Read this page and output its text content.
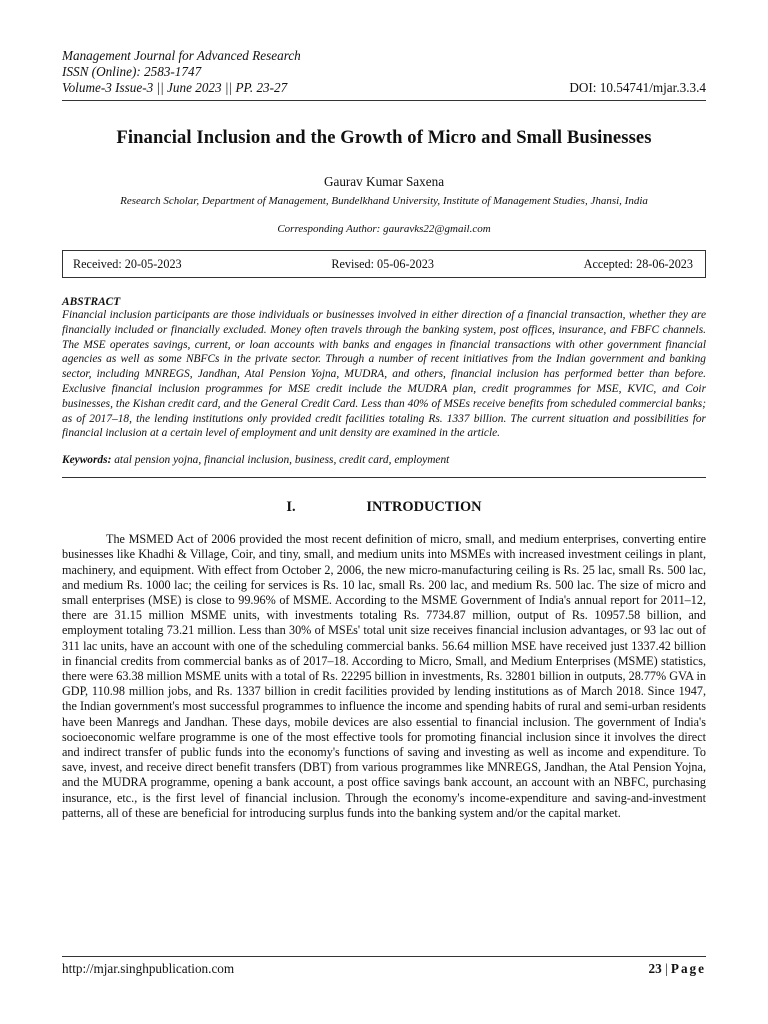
Management Journal for Advanced Research
ISSN (Online): 2583-1747
Volume-3 Issue-3 || June 2023 || PP. 23-27	DOI: 10.54741/mjar.3.3.4
Financial Inclusion and the Growth of Micro and Small Businesses
Gaurav Kumar Saxena
Research Scholar, Department of Management, Bundelkhand University, Institute of Management Studies, Jhansi, India
Corresponding Author: gauravks22@gmail.com
Received: 20-05-2023	Revised: 05-06-2023	Accepted: 28-06-2023
ABSTRACT

Financial inclusion participants are those individuals or businesses involved in either direction of a financial transaction, whether they are financially included or financially excluded. Money often travels through the banking system, post offices, insurance, and FBFC channels. The MSE operates savings, current, or loan accounts with banks and engages in financial transactions with other government financial agencies as well as some NBFCs in the private sector. Through a number of recent initiatives from the Indian government and banking sector, including MNREGS, Jandhan, Atal Pension Yojna, MUDRA, and others, financial inclusion has performed better than before. Exclusive financial inclusion programmes for MSE credit include the MUDRA plan, credit programmes for MSE, KVIC, and Coir businesses, the Kishan credit card, and the General Credit Card. Less than 40% of MSEs receive benefits from scheduled commercial banks; as of 2017–18, the lending institutions only provided credit facilities totaling Rs. 1337 billion. The current situation and possibilities for financial inclusion at a certain level of employment and unit density are examined in the article.

Keywords: atal pension yojna, financial inclusion, business, credit card, employment
I.	INTRODUCTION
The MSMED Act of 2006 provided the most recent definition of micro, small, and medium enterprises, converting entire businesses like Khadhi & Village, Coir, and tiny, small, and medium units into MSMEs with increased investment ceilings in plant, machinery, and equipment. With effect from October 2, 2006, the new micro-manufacturing ceiling is Rs. 25 lac, small Rs. 500 lac, and medium Rs. 1000 lac; the ceiling for services is Rs. 10 lac, small Rs. 200 lac, and medium Rs. 500 lac. The size of micro and small enterprises (MSE) is close to 99.96% of MSME. According to the MSME Government of India's annual report for 2011–12, there are 31.15 million MSME units, with investments totaling Rs. 7734.87 million, output of Rs. 10957.58 billion, and employment totaling 73.21 million. Less than 30% of MSEs' total unit size receives financial inclusion advantages, or 93 lac out of 311 lac units, have an account with one of the scheduling commercial banks. 56.64 million MSE have received just 1337.42 billion in financial credits from commercial banks as of 2017–18. According to Micro, Small, and Medium Enterprises (MSME) statistics, there were 63.38 million MSME units with a total of Rs. 22295 billion in investments, Rs. 32801 billion in outputs, 28.77% GVA in GDP, 110.98 million jobs, and Rs. 1337 billion in credit facilities provided by lending institutions as of March 2018. Since 1947, the Indian government's most successful programmes to influence the income and spending habits of rural and semi-urban residents have been Manregs and Jandhan. These days, mobile devices are also essential to financial inclusion. The government of India's socioeconomic welfare programme is one of the most effective tools for promoting financial inclusion since it involves the direct and indirect transfer of public funds into the economy's functions of saving and investing as well as income and expenditure. To save, invest, and receive direct benefit transfers (DBT) from various programmes like MNREGS, Jandhan, the Atal Pension Yojna, and the MUDRA programme, opening a bank account, a post office savings bank account, an account with an NBFC, purchasing insurance, etc., is the first level of financial inclusion. Through the economy's income-expenditure and saving-and-investment patterns, all of these are beneficial for introducing surplus funds into the banking system and/or the capital market.
http://mjar.singhpublication.com	23 | Page
